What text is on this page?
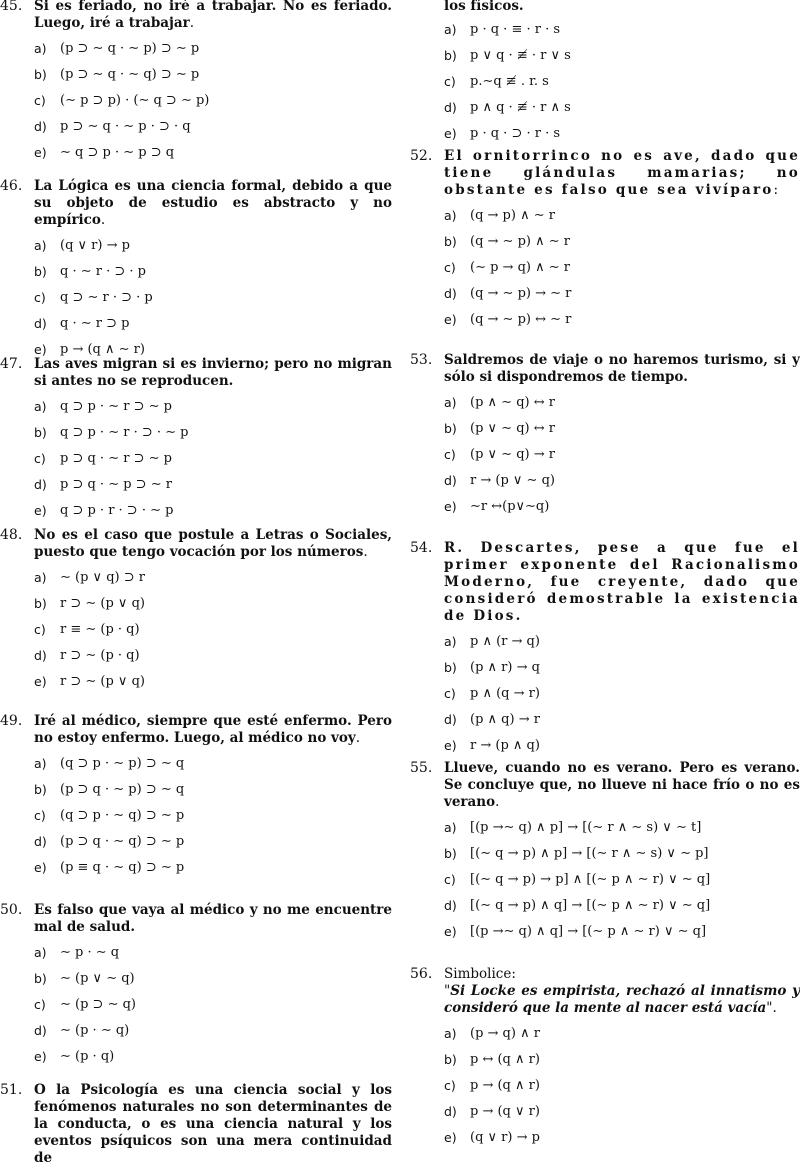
45. Si es feriado, no iré a trabajar. No es feriado. Luego, iré a trabajar.
a)	(p ⊃ ∼ q · ∼ p) ⊃ ∼ p
b)	(p ⊃ ∼ q · ∼ q) ⊃ ∼ p
c)	(∼ p ⊃ p) · (∼ q ⊃ ∼ p)
d)	p ⊃ ∼ q · ∼ p · ⊃ · q
e)	∼ q ⊃ p · ∼ p ⊃ q
46. La Lógica es una ciencia formal, debido a que su objeto de estudio es abstracto y no empírico.
a)	(q ∨ r) → p
b)	q · ∼ r · ⊃ · p
c)	q ⊃ ∼ r · ⊃ · p
d)	q · ∼ r ⊃ p
e)	p → (q ∧ ∼ r)
47. Las aves migran si es invierno; pero no migran si antes no se reproducen.
a)	q ⊃ p · ∼ r ⊃ ∼ p
b)	q ⊃ p · ∼ r · ⊃ · ∼ p
c)	p ⊃ q · ∼ r ⊃ ∼ p
d)	p ⊃ q · ∼ p ⊃ ∼ r
e)	q ⊃ p · r · ⊃ · ∼ p
48. No es el caso que postule a Letras o Sociales, puesto que tengo vocación por los números.
a)	∼ (p ∨ q) ⊃ r
b)	r ⊃ ∼ (p ∨ q)
c)	r ≡ ∼ (p · q)
d)	r ⊃ ∼ (p · q)
e)	r ⊃ ∼ (p ∨ q)
49. Iré al médico, siempre que esté enfermo. Pero no estoy enfermo. Luego, al médico no voy.
a)	(q ⊃ p · ∼ p) ⊃ ∼ q
b)	(p ⊃ q · ∼ p) ⊃ ∼ q
c)	(q ⊃ p · ∼ q) ⊃ ∼ p
d)	(p ⊃ q · ∼ q) ⊃ ∼ p
e)	(p ≡ q · ∼ q) ⊃ ∼ p
50. Es falso que vaya al médico y no me encuentre mal de salud.
a)	∼ p · ∼ q
b)	∼ (p ∨ ∼ q)
c)	∼ (p ⊃ ∼ q)
d)	∼ (p · ∼ q)
e)	∼ (p · q)
51. O la Psicología es una ciencia social y los fenómenos naturales no son determinantes de la conducta, o es una ciencia natural y los eventos psíquicos son una mera continuidad de
los físicos.
a)	p · q · ≡ · r · s
b)	p ∨ q · ≢ · r ∨ s
c)	p.∼q ≢ . r. s
d)	p ∧ q · ≢ · r ∧ s
e)	p · q · ⊃ · r · s
52. El ornitorrinco no es ave, dado que tiene glándulas mamarias; no obstante es falso que sea vivíparo:
a)	(q → p) ∧ ∼ r
b)	(q → ∼ p) ∧ ∼ r
c)	(∼ p → q) ∧ ∼ r
d)	(q → ∼ p) → ∼ r
e)	(q → ∼ p) ↔ ∼ r
53. Saldremos de viaje o no haremos turismo, si y sólo si dispondremos de tiempo.
a)	(p ∧ ∼ q) ↔ r
b)	(p ∨ ∼ q) ↔ r
c)	(p ∨ ∼ q) → r
d)	r → (p ∨ ∼ q)
e)	∼r ↔(p∨∼q)
54. R. Descartes, pese a que fue el primer exponente del Racionalismo Moderno, fue creyente, dado que consideró demostrable la existencia de Dios.
a)	p ∧ (r → q)
b)	(p ∧ r) → q
c)	p ∧ (q → r)
d)	(p ∧ q) → r
e)	r → (p ∧ q)
55. Llueve, cuando no es verano. Pero es verano. Se concluye que, no llueve ni hace frío o no es verano.
a)	[(p →∼ q) ∧ p] → [(∼ r ∧ ∼ s) ∨ ∼ t]
b)	[(∼ q → p) ∧ p] → [(∼ r ∧ ∼ s) ∨ ∼ p]
c)	[(∼ q → p) → p] ∧ [(∼ p ∧ ∼ r) ∨ ∼ q]
d)	[(∼ q → p) ∧ q] → [(∼ p ∧ ∼ r) ∨ ∼ q]
e)	[(p →∼ q) ∧ q] → [(∼ p ∧ ∼ r) ∨ ∼ q]
56. Simbolice:
"Si Locke es empirista, rechazó al innatismo y consideró que la mente al nacer está vacía".
a)	(p → q) ∧ r
b)	p ↔ (q ∧ r)
c)	p → (q ∧ r)
d)	p → (q ∨ r)
e)	(q ∨ r) → p
